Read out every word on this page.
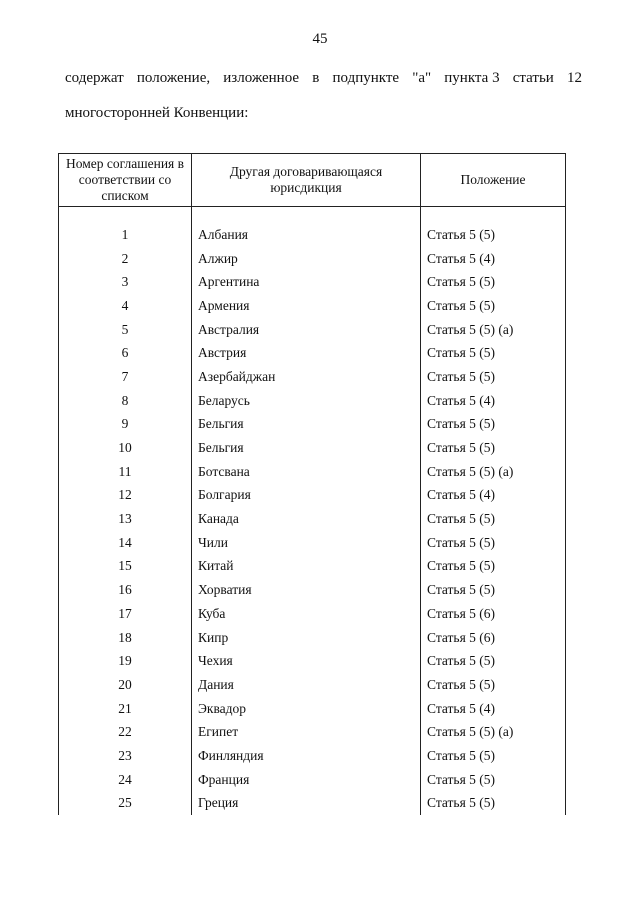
45
содержат положение, изложенное в подпункте "a" пункта 3 статьи 12
многосторонней Конвенции:
Номер соглашения в соответствии со списком	Другая договаривающаяся юрисдикция	Положение

1	Албания	Статья 5 (5)
2	Алжир	Статья 5 (4)
3	Аргентина	Статья 5 (5)
4	Армения	Статья 5 (5)
5	Австралия	Статья 5 (5) (а)
6	Австрия	Статья 5 (5)
7	Азербайджан	Статья 5 (5)
8	Беларусь	Статья 5 (4)
9	Бельгия	Статья 5 (5)
10	Бельгия	Статья 5 (5)
11	Ботсвана	Статья 5 (5) (а)
12	Болгария	Статья 5 (4)
13	Канада	Статья 5 (5)
14	Чили	Статья 5 (5)
15	Китай	Статья 5 (5)
16	Хорватия	Статья 5 (5)
17	Куба	Статья 5 (6)
18	Кипр	Статья 5 (6)
19	Чехия	Статья 5 (5)
20	Дания	Статья 5 (5)
21	Эквадор	Статья 5 (4)
22	Египет	Статья 5 (5) (а)
23	Финляндия	Статья 5 (5)
24	Франция	Статья 5 (5)
25	Греция	Статья 5 (5)
